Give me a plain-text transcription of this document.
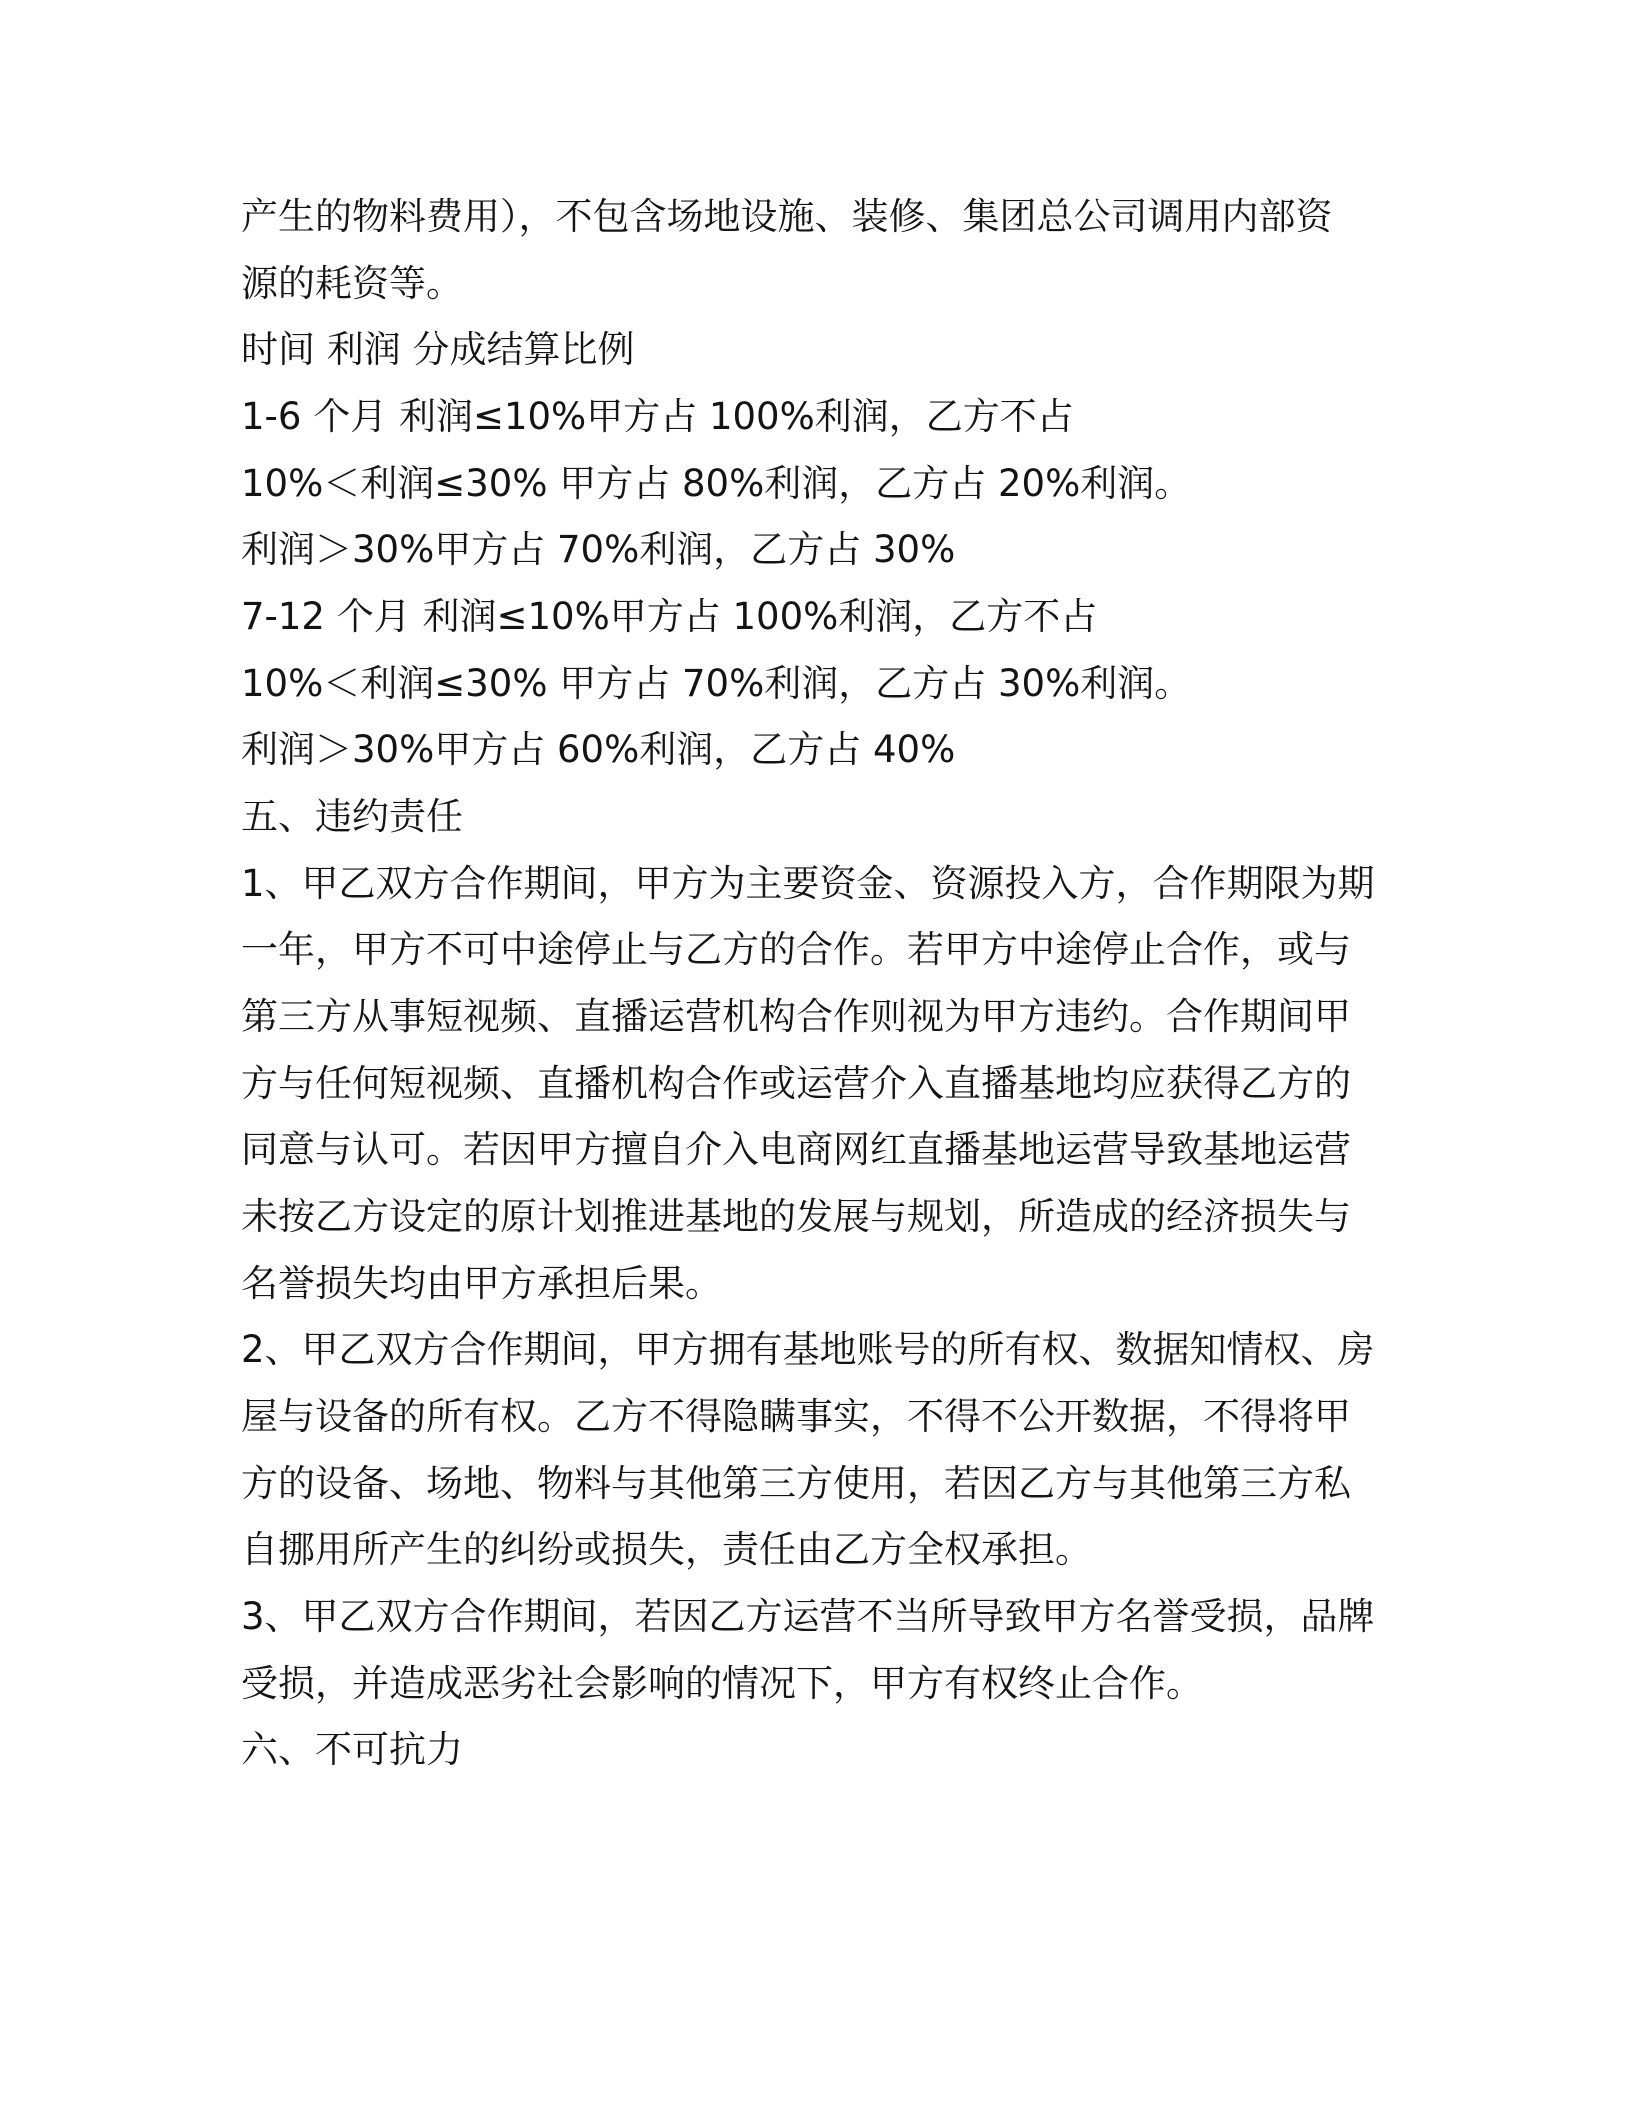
产生的物料费用），不包含场地设施、装修、集团总公司调用内部资

源的耗资等。

时间 利润 分成结算比例

1-6 个月 利润≤10%甲方占 100%利润，乙方不占

10%＜利润≤30% 甲方占 80%利润，乙方占 20%利润。

利润＞30%甲方占 70%利润，乙方占 30%

7-12 个月 利润≤10%甲方占 100%利润，乙方不占

10%＜利润≤30% 甲方占 70%利润，乙方占 30%利润。

利润＞30%甲方占 60%利润，乙方占 40%

五、违约责任

1、甲乙双方合作期间，甲方为主要资金、资源投入方，合作期限为期

一年，甲方不可中途停止与乙方的合作。若甲方中途停止合作，或与

第三方从事短视频、直播运营机构合作则视为甲方违约。合作期间甲

方与任何短视频、直播机构合作或运营介入直播基地均应获得乙方的

同意与认可。若因甲方擅自介入电商网红直播基地运营导致基地运营

未按乙方设定的原计划推进基地的发展与规划，所造成的经济损失与

名誉损失均由甲方承担后果。

2、甲乙双方合作期间，甲方拥有基地账号的所有权、数据知情权、房

屋与设备的所有权。乙方不得隐瞒事实，不得不公开数据，不得将甲

方的设备、场地、物料与其他第三方使用，若因乙方与其他第三方私

自挪用所产生的纠纷或损失，责任由乙方全权承担。

3、甲乙双方合作期间，若因乙方运营不当所导致甲方名誉受损，品牌

受损，并造成恶劣社会影响的情况下，甲方有权终止合作。

六、不可抗力
